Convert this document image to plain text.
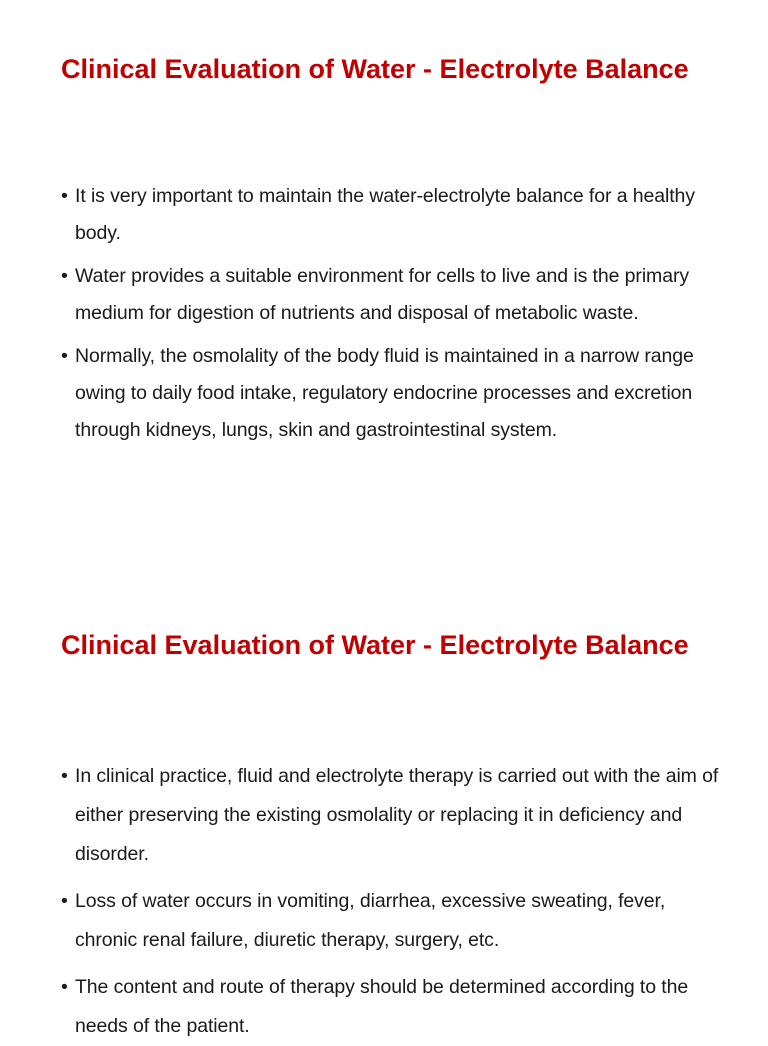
Clinical Evaluation of Water - Electrolyte Balance
• It is very important to maintain the water-electrolyte balance for a healthy body.
• Water provides a suitable environment for cells to live and is the primary medium for digestion of nutrients and disposal of metabolic waste.
• Normally, the osmolality of the body fluid is maintained in a narrow range owing to daily food intake, regulatory endocrine processes and excretion through kidneys, lungs, skin and gastrointestinal system.
Clinical Evaluation of Water - Electrolyte Balance
• In clinical practice, fluid and electrolyte therapy is carried out with the aim of either preserving the existing osmolality or replacing it in deficiency and disorder.
• Loss of water occurs in vomiting, diarrhea, excessive sweating, fever, chronic renal failure, diuretic therapy, surgery, etc.
• The content and route of therapy should be determined according to the needs of the patient.
